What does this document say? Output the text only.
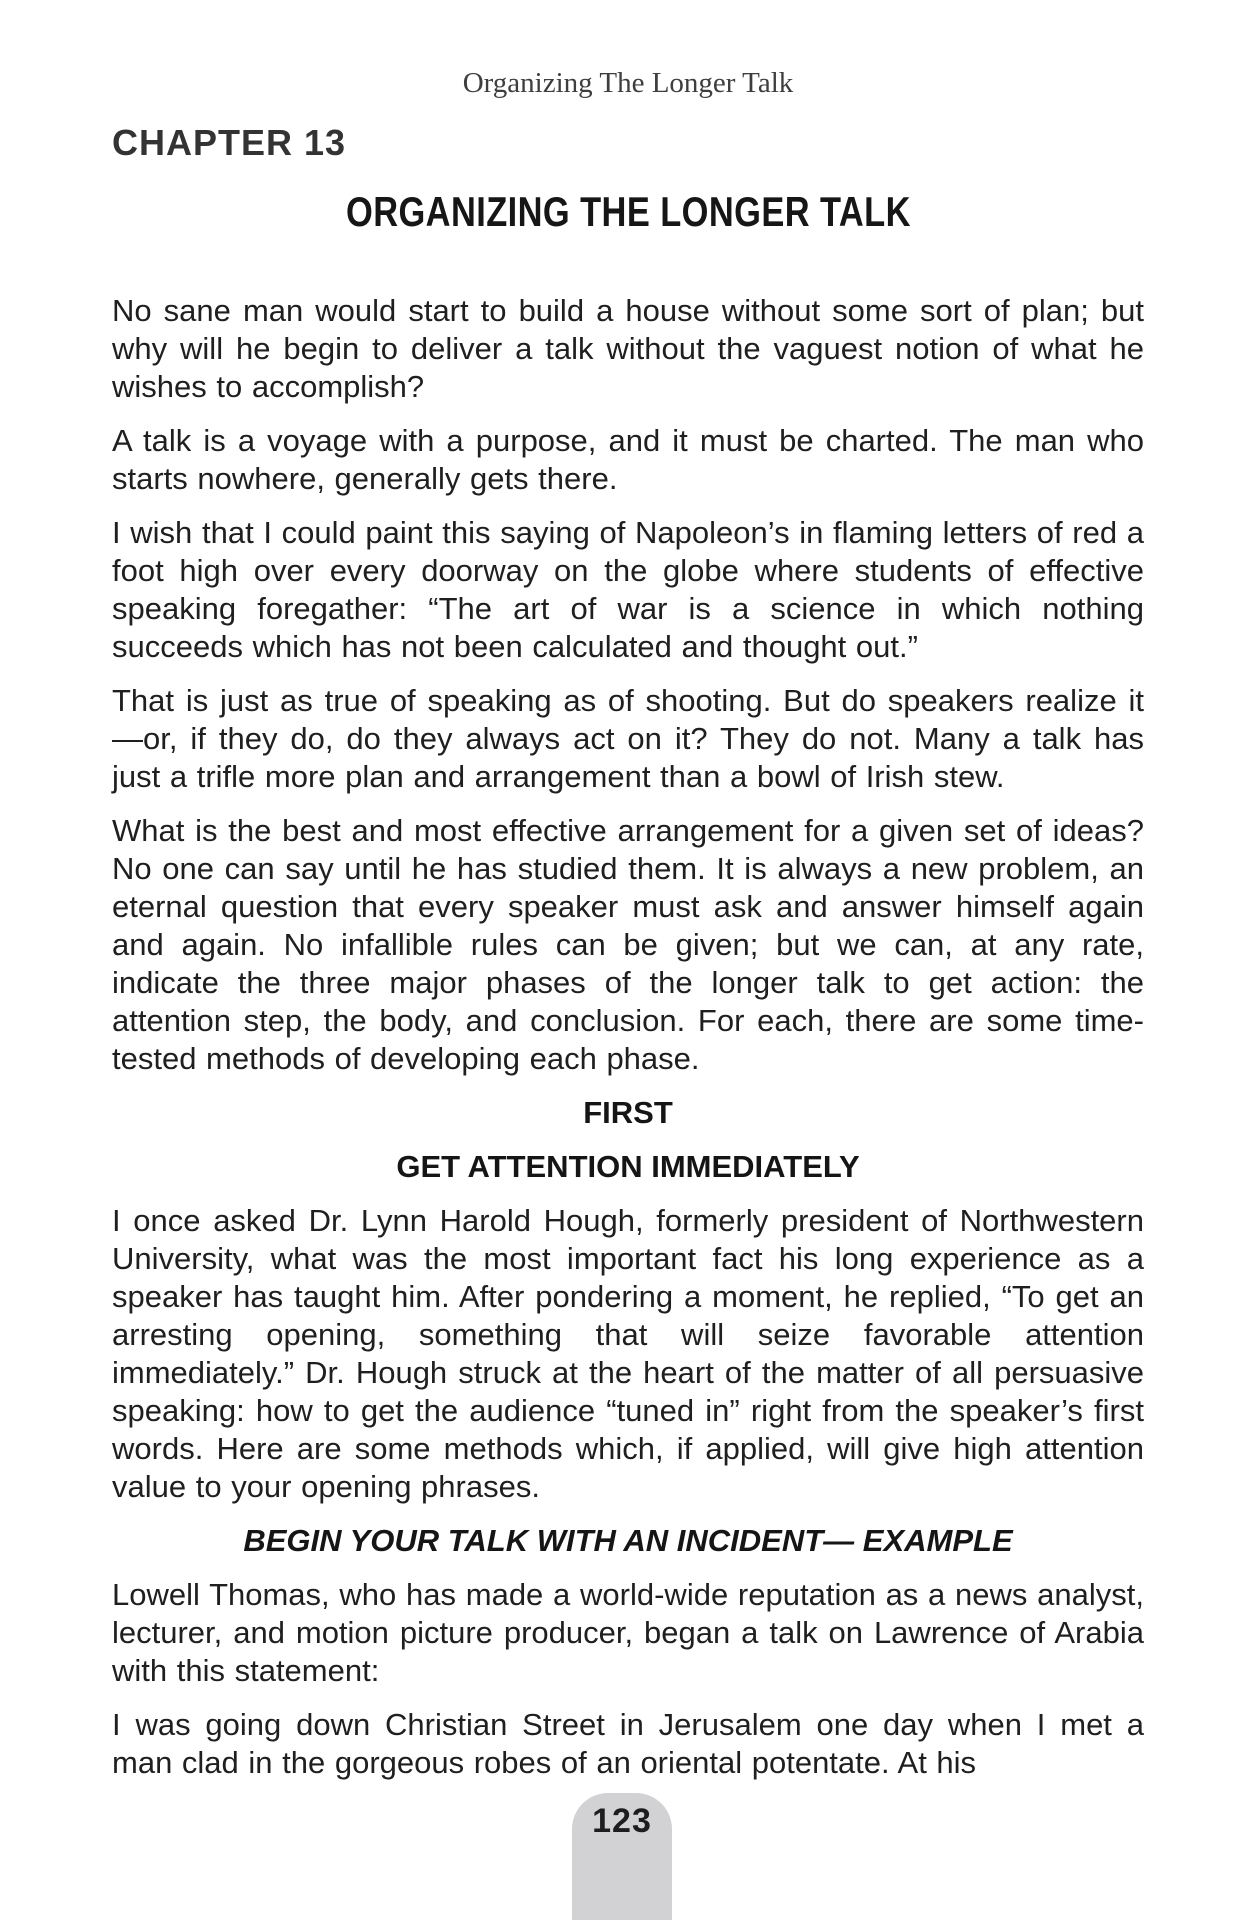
Organizing The Longer Talk
CHAPTER 13
ORGANIZING THE LONGER TALK

No sane man would start to build a house without some sort of plan; but why will he begin to deliver a talk without the vaguest notion of what he wishes to accomplish?

A talk is a voyage with a purpose, and it must be charted. The man who starts nowhere, generally gets there.

I wish that I could paint this saying of Napoleon’s in flaming letters of red a foot high over every doorway on the globe where students of effective speaking foregather: “The art of war is a science in which nothing succeeds which has not been calculated and thought out.”

That is just as true of speaking as of shooting. But do speakers realize it—or, if they do, do they always act on it? They do not. Many a talk has just a trifle more plan and arrangement than a bowl of Irish stew.

What is the best and most effective arrangement for a given set of ideas? No one can say until he has studied them. It is always a new problem, an eternal question that every speaker must ask and answer himself again and again. No infallible rules can be given; but we can, at any rate, indicate the three major phases of the longer talk to get action: the attention step, the body, and conclusion. For each, there are some time-tested methods of developing each phase.

FIRST

GET ATTENTION IMMEDIATELY

I once asked Dr. Lynn Harold Hough, formerly president of Northwestern University, what was the most important fact his long experience as a speaker has taught him. After pondering a moment, he replied, “To get an arresting opening, something that will seize favorable attention immediately.” Dr. Hough struck at the heart of the matter of all persuasive speaking: how to get the audience “tuned in” right from the speaker’s first words. Here are some methods which, if applied, will give high attention value to your opening phrases.

BEGIN YOUR TALK WITH AN INCIDENT— EXAMPLE

Lowell Thomas, who has made a world-wide reputation as a news analyst, lecturer, and motion picture producer, began a talk on Lawrence of Arabia with this statement:

I was going down Christian Street in Jerusalem one day when I met a man clad in the gorgeous robes of an oriental potentate. At his

123
